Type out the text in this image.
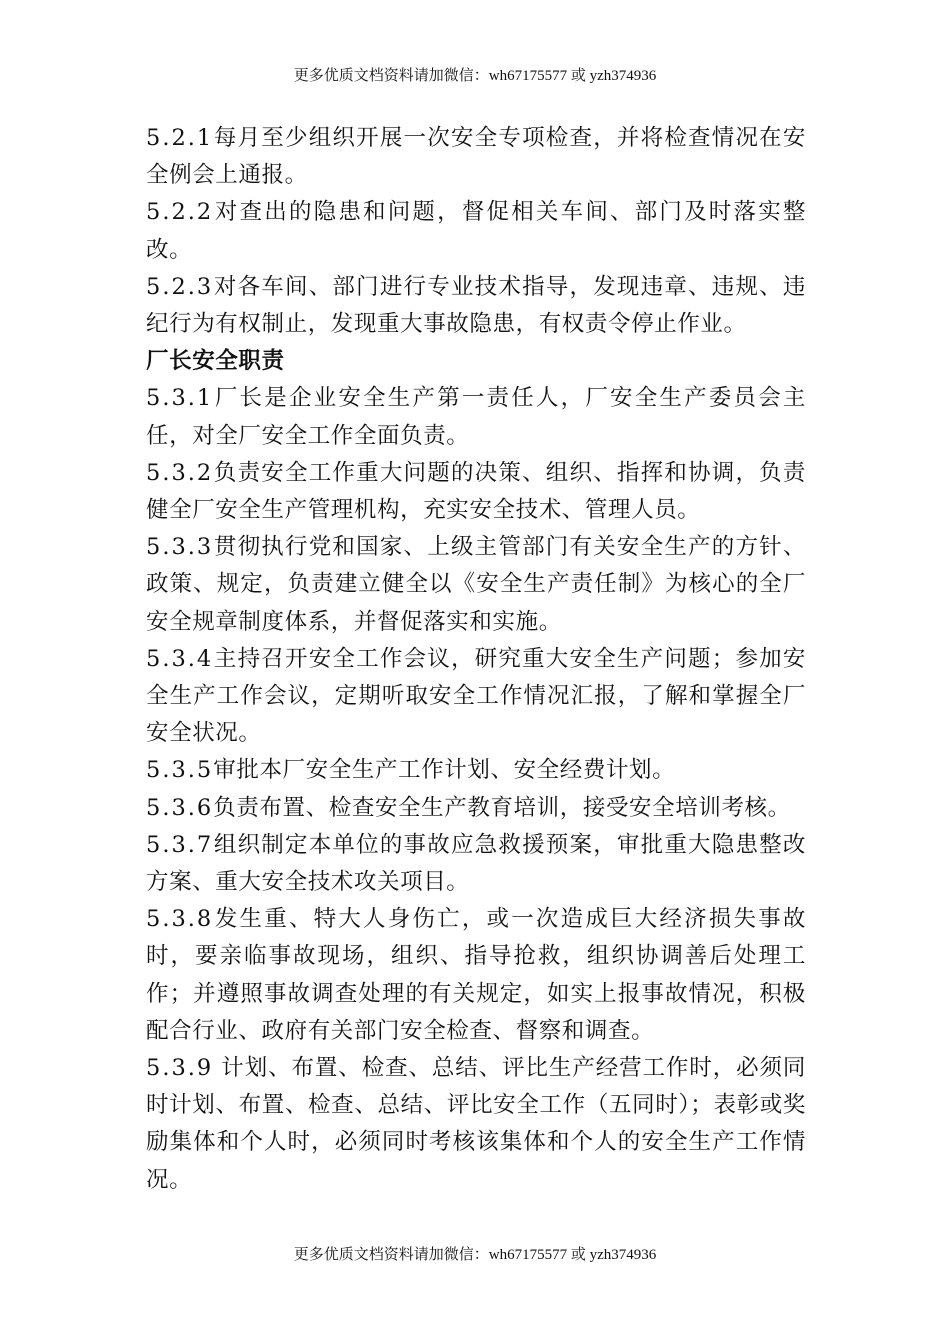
更多优质文档资料请加微信：wh67175577 或 yzh374936

5.2.1每月至少组织开展一次安全专项检查，并将检查情况在安全例会上通报。

5.2.2对查出的隐患和问题，督促相关车间、部门及时落实整改。

5.2.3对各车间、部门进行专业技术指导，发现违章、违规、违纪行为有权制止，发现重大事故隐患，有权责令停止作业。

厂长安全职责

5.3.1厂长是企业安全生产第一责任人，厂安全生产委员会主任，对全厂安全工作全面负责。

5.3.2负责安全工作重大问题的决策、组织、指挥和协调，负责健全厂安全生产管理机构，充实安全技术、管理人员。

5.3.3贯彻执行党和国家、上级主管部门有关安全生产的方针、政策、规定，负责建立健全以《安全生产责任制》为核心的全厂安全规章制度体系，并督促落实和实施。

5.3.4主持召开安全工作会议，研究重大安全生产问题；参加安全生产工作会议，定期听取安全工作情况汇报，了解和掌握全厂安全状况。

5.3.5审批本厂安全生产工作计划、安全经费计划。

5.3.6负责布置、检查安全生产教育培训，接受安全培训考核。

5.3.7组织制定本单位的事故应急救援预案，审批重大隐患整改方案、重大安全技术攻关项目。

5.3.8发生重、特大人身伤亡，或一次造成巨大经济损失事故时，要亲临事故现场，组织、指导抢救，组织协调善后处理工作；并遵照事故调查处理的有关规定，如实上报事故情况，积极配合行业、政府有关部门安全检查、督察和调查。

5.3.9 计划、布置、检查、总结、评比生产经营工作时，必须同时计划、布置、检查、总结、评比安全工作（五同时）；表彰或奖励集体和个人时，必须同时考核该集体和个人的安全生产工作情况。

更多优质文档资料请加微信：wh67175577 或 yzh374936
